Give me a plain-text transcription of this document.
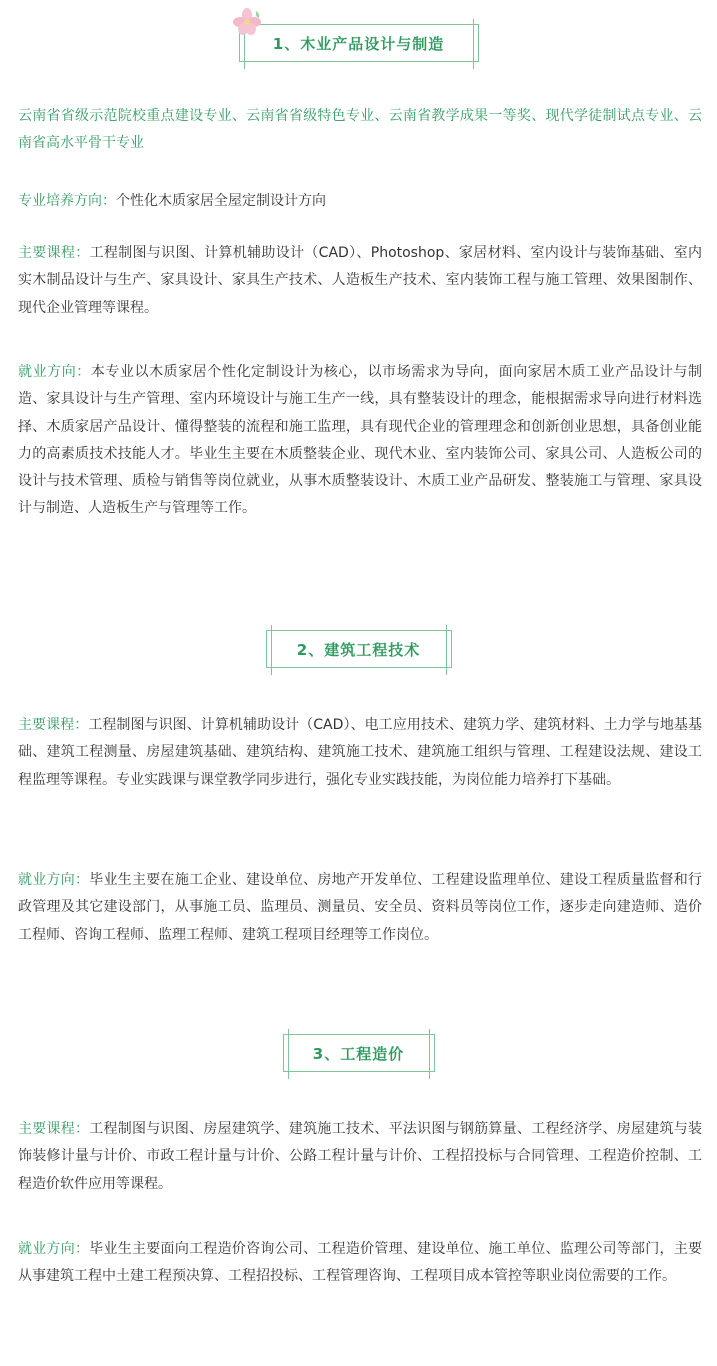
1、木业产品设计与制造

云南省省级示范院校重点建设专业、云南省省级特色专业、云南省教学成果一等奖、现代学徒制试点专业、云南省高水平骨干专业

专业培养方向：个性化木质家居全屋定制设计方向

主要课程：工程制图与识图、计算机辅助设计（CAD）、Photoshop、家居材料、室内设计与装饰基础、室内实木制品设计与生产、家具设计、家具生产技术、人造板生产技术、室内装饰工程与施工管理、效果图制作、现代企业管理等课程。

就业方向：本专业以木质家居个性化定制设计为核心，以市场需求为导向，面向家居木质工业产品设计与制造、家具设计与生产管理、室内环境设计与施工生产一线，具有整装设计的理念，能根据需求导向进行材料选择、木质家居产品设计、懂得整装的流程和施工监理，具有现代企业的管理理念和创新创业思想，具备创业能力的高素质技术技能人才。毕业生主要在木质整装企业、现代木业、室内装饰公司、家具公司、人造板公司的设计与技术管理、质检与销售等岗位就业，从事木质整装设计、木质工业产品研发、整装施工与管理、家具设计与制造、人造板生产与管理等工作。

2、建筑工程技术

主要课程：工程制图与识图、计算机辅助设计（CAD）、电工应用技术、建筑力学、建筑材料、土力学与地基基础、建筑工程测量、房屋建筑基础、建筑结构、建筑施工技术、建筑施工组织与管理、工程建设法规、建设工程监理等课程。专业实践课与课堂教学同步进行，强化专业实践技能，为岗位能力培养打下基础。

就业方向：毕业生主要在施工企业、建设单位、房地产开发单位、工程建设监理单位、建设工程质量监督和行政管理及其它建设部门，从事施工员、监理员、测量员、安全员、资料员等岗位工作，逐步走向建造师、造价工程师、咨询工程师、监理工程师、建筑工程项目经理等工作岗位。

3、工程造价

主要课程：工程制图与识图、房屋建筑学、建筑施工技术、平法识图与钢筋算量、工程经济学、房屋建筑与装饰装修计量与计价、市政工程计量与计价、公路工程计量与计价、工程招投标与合同管理、工程造价控制、工程造价软件应用等课程。

就业方向：毕业生主要面向工程造价咨询公司、工程造价管理、建设单位、施工单位、监理公司等部门，主要从事建筑工程中土建工程预决算、工程招投标、工程管理咨询、工程项目成本管控等职业岗位需要的工作。
